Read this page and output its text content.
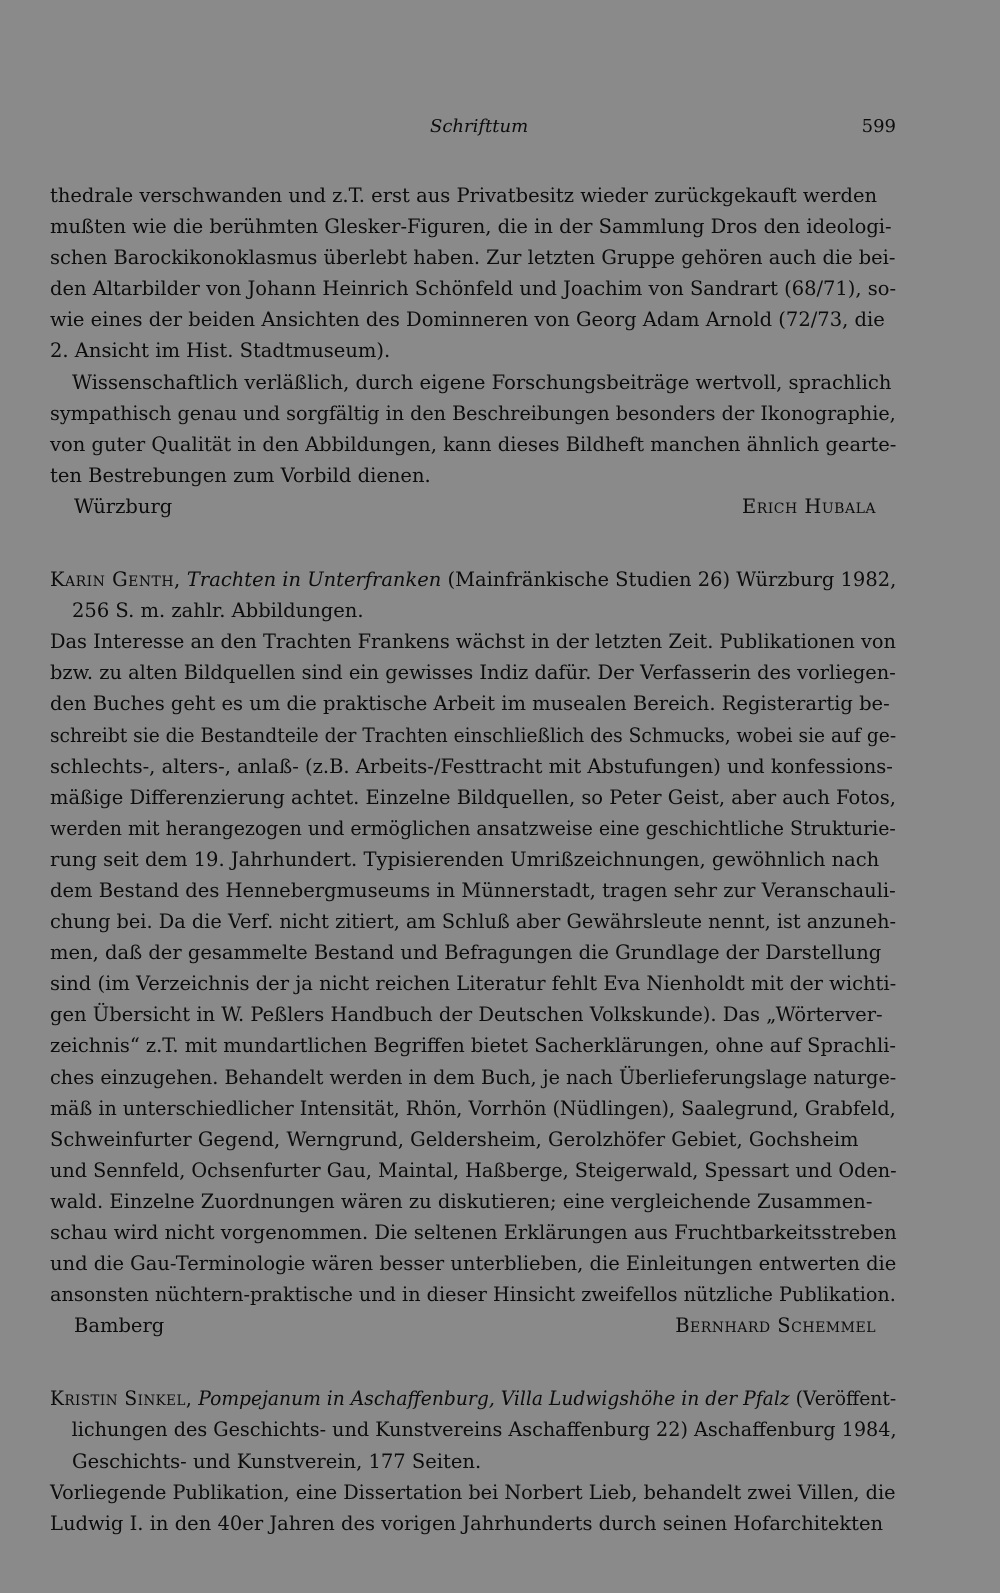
Schrifttum	599
thedrale verschwanden und z.T. erst aus Privatbesitz wieder zurückgekauft werden
mußten wie die berühmten Glesker-Figuren, die in der Sammlung Dros den ideologi-
schen Barockikonoklasmus überlebt haben. Zur letzten Gruppe gehören auch die bei-
den Altarbilder von Johann Heinrich Schönfeld und Joachim von Sandrart (68/71), so-
wie eines der beiden Ansichten des Dominneren von Georg Adam Arnold (72/73, die
2. Ansicht im Hist. Stadtmuseum).
Wissenschaftlich verläßlich, durch eigene Forschungsbeiträge wertvoll, sprachlich
sympathisch genau und sorgfältig in den Beschreibungen besonders der Ikonographie,
von guter Qualität in den Abbildungen, kann dieses Bildheft manchen ähnlich gearte-
ten Bestrebungen zum Vorbild dienen.
Würzburg	Erich Hubala
Karin Genth, Trachten in Unterfranken (Mainfränkische Studien 26) Würzburg 1982,
256 S. m. zahlr. Abbildungen.
Das Interesse an den Trachten Frankens wächst in der letzten Zeit. Publikationen von
bzw. zu alten Bildquellen sind ein gewisses Indiz dafür. Der Verfasserin des vorliegen-
den Buches geht es um die praktische Arbeit im musealen Bereich. Registerartig be-
schreibt sie die Bestandteile der Trachten einschließlich des Schmucks, wobei sie auf ge-
schlechts-, alters-, anlaß- (z.B. Arbeits-/Festtracht mit Abstufungen) und konfessions-
mäßige Differenzierung achtet. Einzelne Bildquellen, so Peter Geist, aber auch Fotos,
werden mit herangezogen und ermöglichen ansatzweise eine geschichtliche Strukturie-
rung seit dem 19. Jahrhundert. Typisierenden Umrißzeichnungen, gewöhnlich nach
dem Bestand des Hennebergmuseums in Münnerstadt, tragen sehr zur Veranschauli-
chung bei. Da die Verf. nicht zitiert, am Schluß aber Gewährsleute nennt, ist anzuneh-
men, daß der gesammelte Bestand und Befragungen die Grundlage der Darstellung
sind (im Verzeichnis der ja nicht reichen Literatur fehlt Eva Nienholdt mit der wichti-
gen Übersicht in W. Peßlers Handbuch der Deutschen Volkskunde). Das „Wörterver-
zeichnis“ z.T. mit mundartlichen Begriffen bietet Sacherklärungen, ohne auf Sprachli-
ches einzugehen. Behandelt werden in dem Buch, je nach Überlieferungslage naturge-
mäß in unterschiedlicher Intensität, Rhön, Vorrhön (Nüdlingen), Saalegrund, Grabfeld,
Schweinfurter Gegend, Werngrund, Geldersheim, Gerolzhöfer Gebiet, Gochsheim
und Sennfeld, Ochsenfurter Gau, Maintal, Haßberge, Steigerwald, Spessart und Oden-
wald. Einzelne Zuordnungen wären zu diskutieren; eine vergleichende Zusammen-
schau wird nicht vorgenommen. Die seltenen Erklärungen aus Fruchtbarkeitsstreben
und die Gau-Terminologie wären besser unterblieben, die Einleitungen entwerten die
ansonsten nüchtern-praktische und in dieser Hinsicht zweifellos nützliche Publikation.
Bamberg	Bernhard Schemmel
Kristin Sinkel, Pompejanum in Aschaffenburg, Villa Ludwigshöhe in der Pfalz (Veröffent-
lichungen des Geschichts- und Kunstvereins Aschaffenburg 22) Aschaffenburg 1984,
Geschichts- und Kunstverein, 177 Seiten.
Vorliegende Publikation, eine Dissertation bei Norbert Lieb, behandelt zwei Villen, die
Ludwig I. in den 40er Jahren des vorigen Jahrhunderts durch seinen Hofarchitekten
